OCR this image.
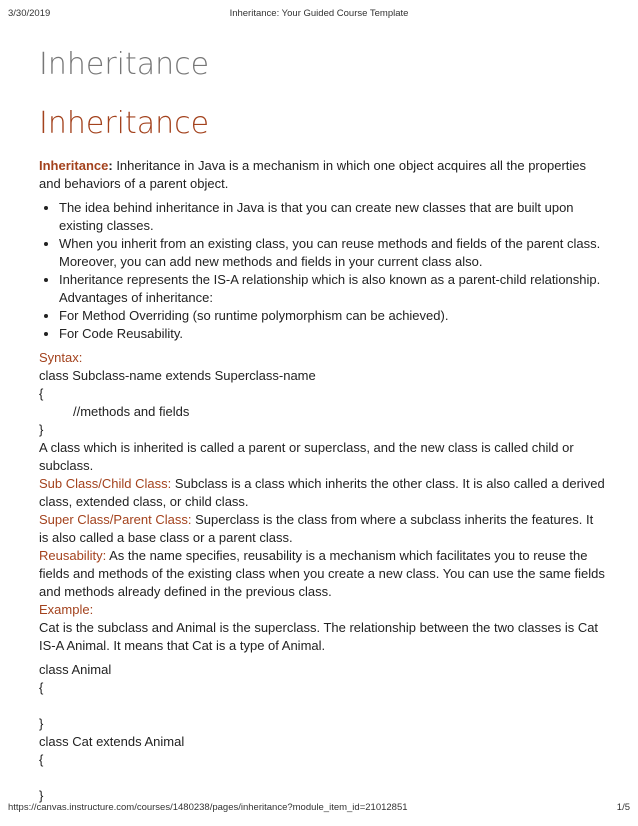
3/30/2019	Inheritance: Your Guided Course Template
Inheritance
Inheritance

Inheritance: Inheritance in Java is a mechanism in which one object acquires all the properties and behaviors of a parent object.

• The idea behind inheritance in Java is that you can create new classes that are built upon existing classes.
• When you inherit from an existing class, you can reuse methods and fields of the parent class. Moreover, you can add new methods and fields in your current class also.
• Inheritance represents the IS-A relationship which is also known as a parent-child relationship. Advantages of inheritance:
• For Method Overriding (so runtime polymorphism can be achieved).
• For Code Reusability.

Syntax:

class Subclass-name extends Superclass-name

{

//methods and fields

}

A class which is inherited is called a parent or superclass, and the new class is called child or subclass.

Sub Class/Child Class: Subclass is a class which inherits the other class. It is also called a derived class, extended class, or child class.

Super Class/Parent Class: Superclass is the class from where a subclass inherits the features. It is also called a base class or a parent class.

Reusability: As the name specifies, reusability is a mechanism which facilitates you to reuse the fields and methods of the existing class when you create a new class. You can use the same fields and methods already defined in the previous class.

Example:

Cat is the subclass and Animal is the superclass. The relationship between the two classes is Cat IS-A Animal. It means that Cat is a type of Animal.

class Animal

{

}

class Cat extends Animal

{

}

https://canvas.instructure.com/courses/1480238/pages/inheritance?module_item_id=21012851	1/5
